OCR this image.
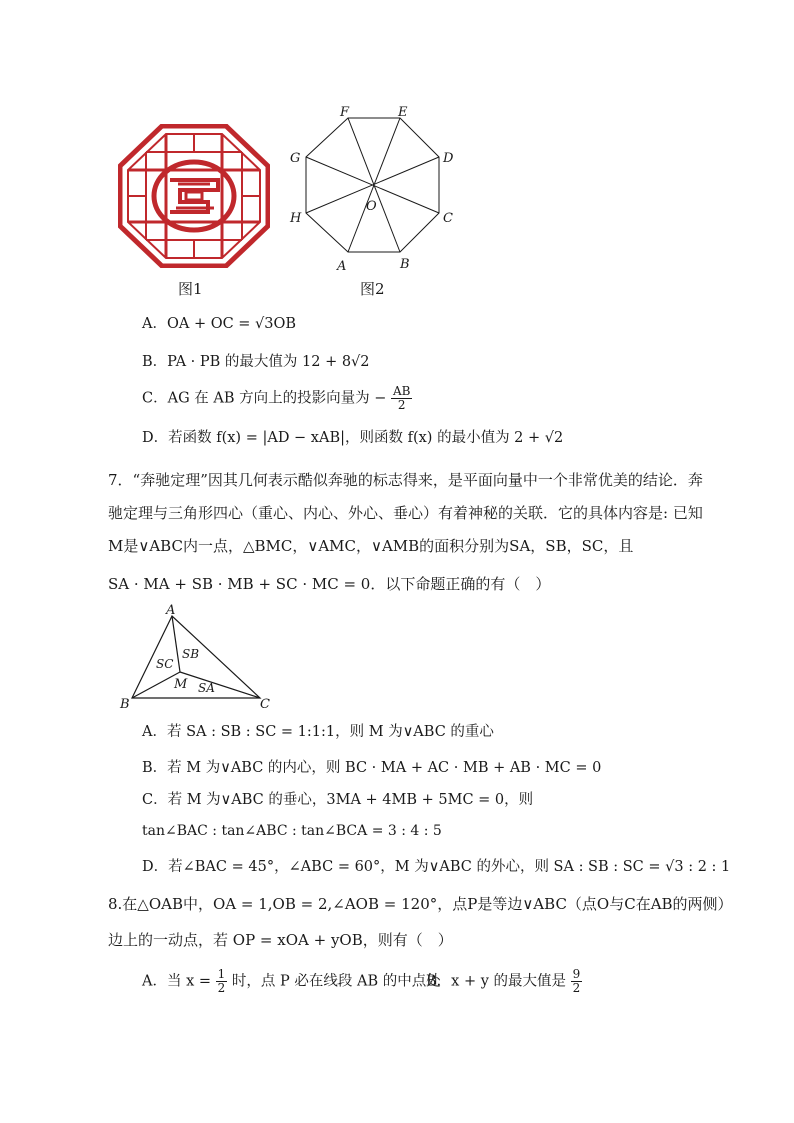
图1
F	E
D
C
B
A
H
G
O
图2
A．OA + OC = √3OB
B．PA · PB 的最大值为 12 + 8√2
C．AG 在 AB 方向上的投影向量为 − $\frac{AB}{2}$
D．若函数 f(x) = |AD − xAB|，则函数 f(x) 的最小值为 2 + √2
7．“奔驰定理”因其几何表示酷似奔驰的标志得来，是平面向量中一个非常优美的结论．奔
驰定理与三角形四心（重心、内心、外心、垂心）有着神秘的关联．它的具体内容是: 已知
M是∨ABC内一点，△BMC，∨AMC，∨AMB的面积分别为SA，SB，SC，且
SA · MA + SB · MB + SC · MC = 0．以下命题正确的有（　）
A
B	C
M
SB
SC
SA
A．若 SA : SB : SC = 1:1:1，则 M 为∨ABC 的重心
B．若 M 为∨ABC 的内心，则 BC · MA + AC · MB + AB · MC = 0
C．若 M 为∨ABC 的垂心，3MA + 4MB + 5MC = 0，则
tan∠BAC : tan∠ABC : tan∠BCA = 3 : 4 : 5
D．若∠BAC = 45°，∠ABC = 60°，M 为∨ABC 的外心，则 SA : SB : SC = √3 : 2 : 1
8.在△OAB中，OA = 1,OB = 2,∠AOB = 120°，点P是等边∨ABC（点O与C在AB的两侧）
边上的一动点，若 OP = xOA + yOB，则有（　）
A．当 $x = \frac{1}{2}$ 时，点 P 必在线段 AB 的中点处
B．x + y 的最大值是 $\frac{9}{2}$
